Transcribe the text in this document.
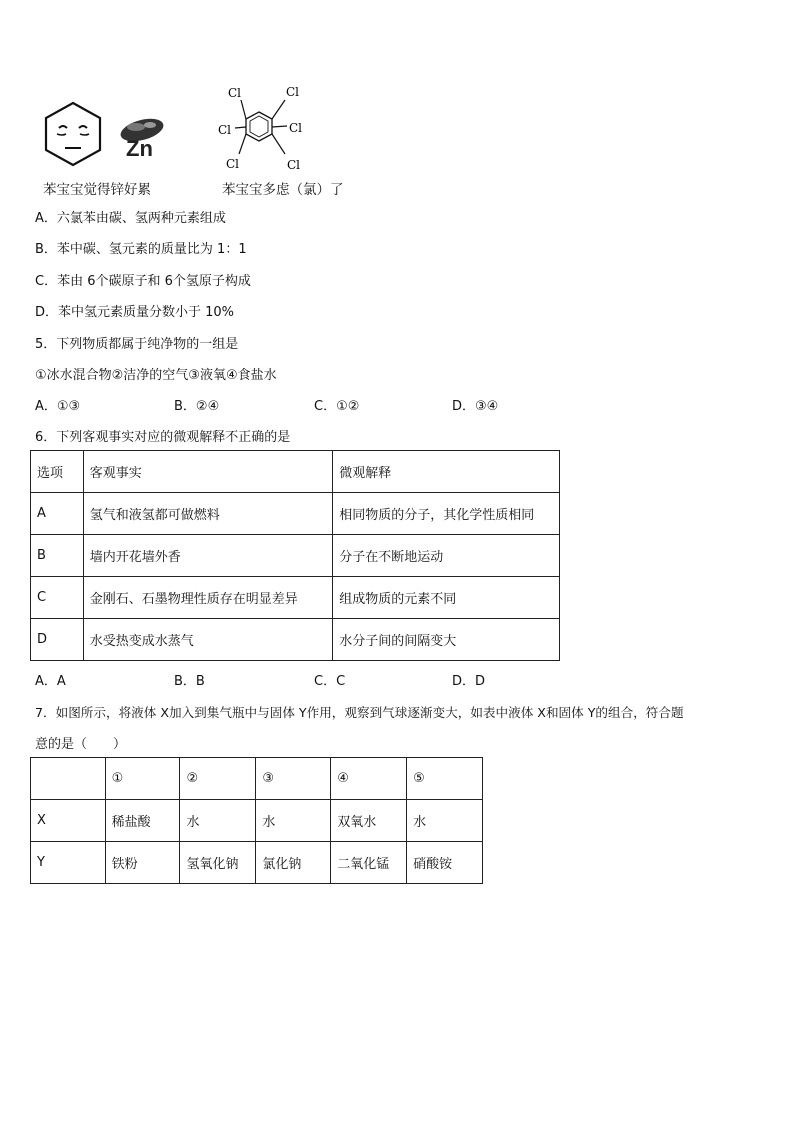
Zn
苯宝宝觉得锌好累
Cl	Cl
Cl	Cl
Cl	Cl
苯宝宝多虑（氯）了
A．六氯苯由碳、氢两种元素组成
B．苯中碳、氢元素的质量比为 1：1
C．苯由 6个碳原子和 6个氢原子构成
D．苯中氢元素质量分数小于 10%
5．下列物质都属于纯净物的一组是
①冰水混合物②洁净的空气③液氧④食盐水
A．①③	B．②④	C．①②	D．③④
6．下列客观事实对应的微观解释不正确的是
选项	客观事实	微观解释
A	氢气和液氢都可做燃料	相同物质的分子，其化学性质相同
B	墙内开花墙外香	分子在不断地运动
C	金刚石、石墨物理性质存在明显差异	组成物质的元素不同
D	水受热变成水蒸气	水分子间的间隔变大
A．A	B．B	C．C	D．D
7．如图所示，将液体 X加入到集气瓶中与固体 Y作用，观察到气球逐渐变大，如表中液体 X和固体 Y的组合，符合题
意的是（　　）
	①	②	③	④	⑤
X	稀盐酸	水	水	双氧水	水
Y	铁粉	氢氧化钠	氯化钠	二氧化锰	硝酸铵
